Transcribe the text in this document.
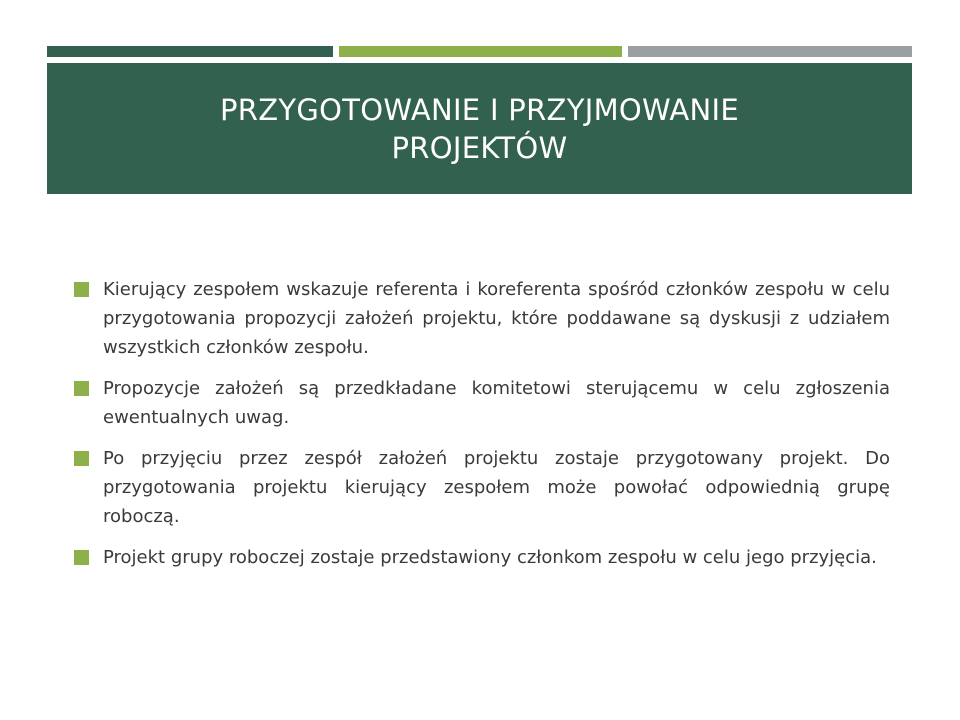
PRZYGOTOWANIE I PRZYJMOWANIE PROJEKTÓW
Kierujący zespołem wskazuje referenta i koreferenta spośród członków zespołu w celu przygotowania propozycji założeń projektu, które poddawane są dyskusji z udziałem wszystkich członków zespołu.
Propozycje założeń są przedkładane komitetowi sterującemu w celu zgłoszenia ewentualnych uwag.
Po przyjęciu przez zespół założeń projektu zostaje przygotowany projekt. Do przygotowania projektu kierujący zespołem może powołać odpowiednią grupę roboczą.
Projekt grupy roboczej zostaje przedstawiony członkom zespołu w celu jego przyjęcia.
